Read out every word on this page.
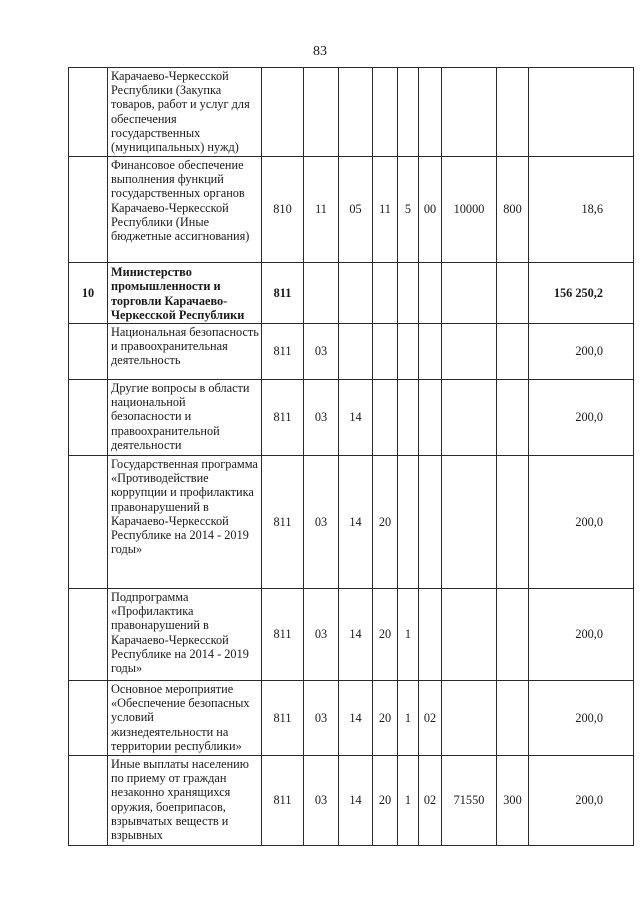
83
	Карачаево-Черкесской Республики (Закупка товаров, работ и услуг для обеспечения государственных (муниципальных) нужд)									
	Финансовое обеспечение выполнения функций государственных органов Карачаево-Черкесской Республики (Иные бюджетные ассигнования)	810	11	05	11	5	00	10000	800	18,6
10	Министерство промышленности и торговли Карачаево-Черкесской Республики	811								156 250,2
	Национальная безопасность и правоохранительная деятельность	811	03							200,0
	Другие вопросы в области национальной безопасности и правоохранительной деятельности	811	03	14						200,0
	Государственная программа «Противодействие коррупции и профилактика правонарушений в Карачаево-Черкесской Республике на 2014 - 2019 годы»	811	03	14	20					200,0
	Подпрограмма «Профилактика правонарушений в Карачаево-Черкесской Республике на 2014 - 2019 годы»	811	03	14	20	1				200,0
	Основное мероприятие «Обеспечение безопасных условий жизнедеятельности на территории республики»	811	03	14	20	1	02			200,0
	Иные выплаты населению по приему от граждан незаконно хранящихся оружия, боеприпасов, взрывчатых веществ и взрывных	811	03	14	20	1	02	71550	300	200,0
